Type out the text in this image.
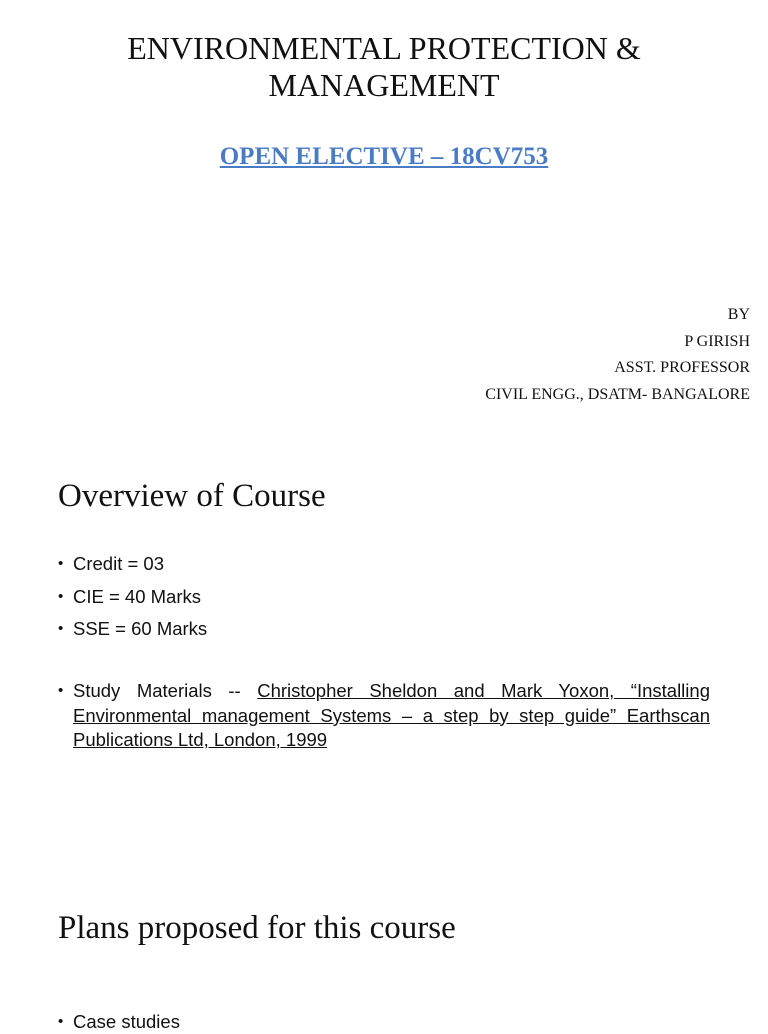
ENVIRONMENTAL PROTECTION &
MANAGEMENT
OPEN ELECTIVE – 18CV753
BY
P GIRISH
ASST. PROFESSOR
CIVIL ENGG., DSATM- BANGALORE
Overview of Course
• Credit = 03
• CIE = 40 Marks
• SSE = 60 Marks
• Study Materials -- Christopher Sheldon and Mark Yoxon, “Installing Environmental management Systems – a step by step guide” Earthscan Publications Ltd, London, 1999

Plans proposed for this course
• Case studies
